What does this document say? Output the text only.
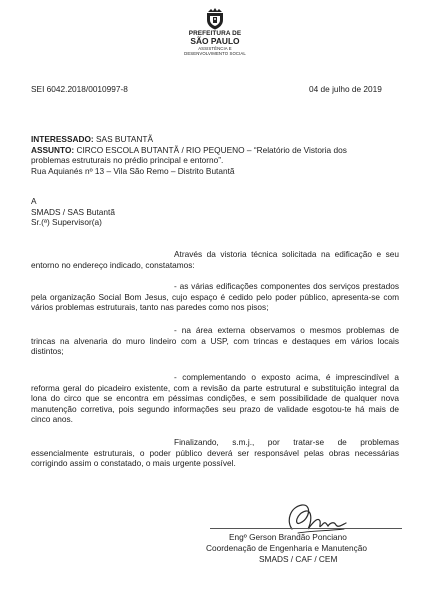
PREFEITURA DE
SÃO PAULO
ASSISTÊNCIA E
DESENVOLVIMENTO SOCIAL
SEI 6042.2018/0010997-8	04 de julho de 2019
INTERESSADO: SAS BUTANTÃ
ASSUNTO: CIRCO ESCOLA BUTANTÃ / RIO PEQUENO – “Relatório de Vistoria dos
problemas estruturais no prédio principal e entorno”.
Rua Aquianés nº 13 – Vila São Remo – Distrito Butantã
A
SMADS / SAS Butantã
Sr.(ª) Supervisor(a)
Através da vistoria técnica solicitada na edificação e seu entorno no endereço indicado, constatamos:
- as várias edificações componentes dos serviços prestados pela organização Social Bom Jesus, cujo espaço é cedido pelo poder público, apresenta-se com vários problemas estruturais, tanto nas paredes como nos pisos;
- na área externa observamos o mesmos problemas de trincas na alvenaria do muro lindeiro com a USP, com trincas e destaques em vários locais distintos;
- complementando o exposto acima, é imprescindível a reforma geral do picadeiro existente, com a revisão da parte estrutural e substituição integral da lona do circo que se encontra em péssimas condições, e sem possibilidade de qualquer nova manutenção corretiva, pois segundo informações seu prazo de validade esgotou-te há mais de cinco anos.
Finalizando, s.m.j., por tratar-se de problemas essencialmente estruturais, o poder público deverá ser responsável pelas obras necessárias corrigindo assim o constatado, o mais urgente possível.
Engº Gerson Brandão Ponciano
Coordenação de Engenharia e Manutenção
SMADS / CAF / CEM
